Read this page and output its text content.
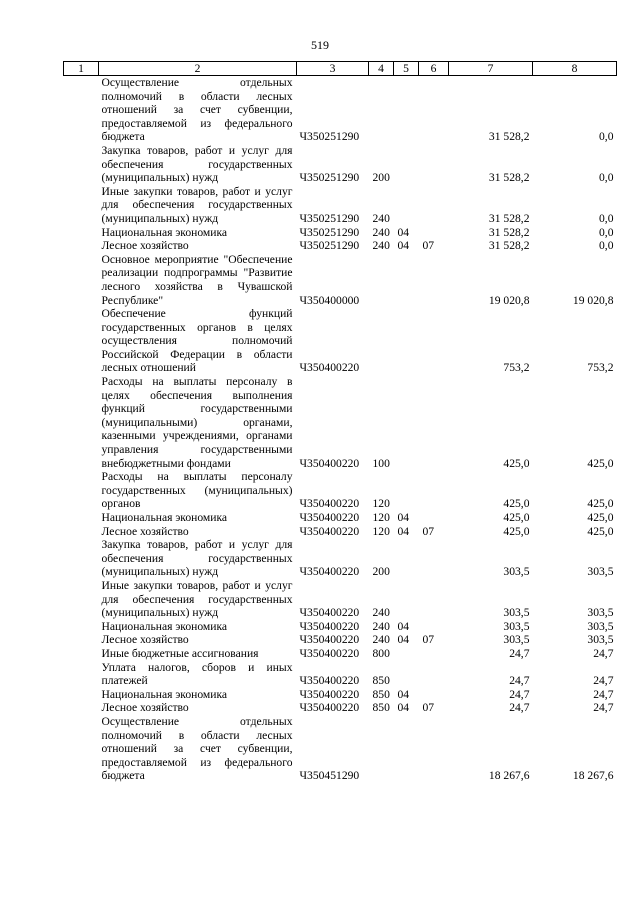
519
1	2	3	4	5	6	7	8
	Осуществление отдельных полномочий в области лесных отношений за счет субвенции, предоставляемой из федерального бюджета	Ч350251290				31 528,2	0,0
	Закупка товаров, работ и услуг для обеспечения государственных (муниципальных) нужд	Ч350251290	200			31 528,2	0,0
	Иные закупки товаров, работ и услуг для обеспечения государственных (муниципальных) нужд	Ч350251290	240			31 528,2	0,0
	Национальная экономика	Ч350251290	240	04		31 528,2	0,0
	Лесное хозяйство	Ч350251290	240	04	07	31 528,2	0,0
	Основное мероприятие "Обеспечение реализации подпрограммы "Развитие лесного хозяйства в Чувашской Республике"	Ч350400000				19 020,8	19 020,8
	Обеспечение функций государственных органов в целях осуществления полномочий Российской Федерации в области лесных отношений	Ч350400220				753,2	753,2
	Расходы на выплаты персоналу в целях обеспечения выполнения функций государственными (муниципальными) органами, казенными учреждениями, органами управления государственными внебюджетными фондами	Ч350400220	100			425,0	425,0
	Расходы на выплаты персоналу государственных (муниципальных) органов	Ч350400220	120			425,0	425,0
	Национальная экономика	Ч350400220	120	04		425,0	425,0
	Лесное хозяйство	Ч350400220	120	04	07	425,0	425,0
	Закупка товаров, работ и услуг для обеспечения государственных (муниципальных) нужд	Ч350400220	200			303,5	303,5
	Иные закупки товаров, работ и услуг для обеспечения государственных (муниципальных) нужд	Ч350400220	240			303,5	303,5
	Национальная экономика	Ч350400220	240	04		303,5	303,5
	Лесное хозяйство	Ч350400220	240	04	07	303,5	303,5
	Иные бюджетные ассигнования	Ч350400220	800			24,7	24,7
	Уплата налогов, сборов и иных платежей	Ч350400220	850			24,7	24,7
	Национальная экономика	Ч350400220	850	04		24,7	24,7
	Лесное хозяйство	Ч350400220	850	04	07	24,7	24,7
	Осуществление отдельных полномочий в области лесных отношений за счет субвенции, предоставляемой из федерального бюджета	Ч350451290				18 267,6	18 267,6
